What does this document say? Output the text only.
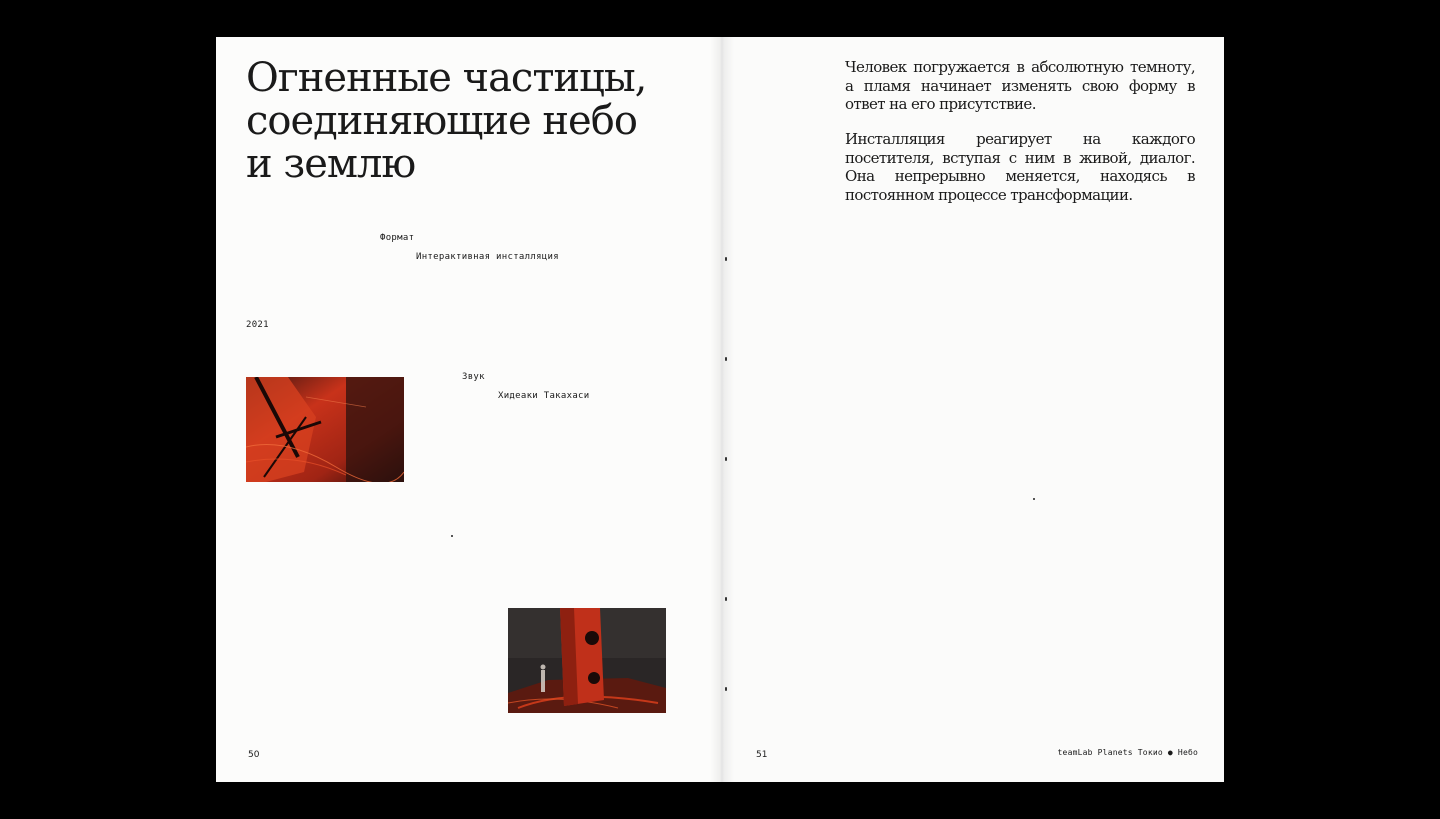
Огненные частицы,
соединяющие небо
и землю
Формат
Интерактивная инсталляция
2021
Звук
Хидеаки Такахаси
50

Человек погружается в абсолютную темноту, а пламя начинает изменять свою форму в ответ на его присутствие.

Инсталляция реагирует на каждого посетителя, вступая с ним в живой, диалог. Она непрерывно меняется, находясь в постоянном процессе трансформации.

51	teamLab Planets Токио ● Небо
